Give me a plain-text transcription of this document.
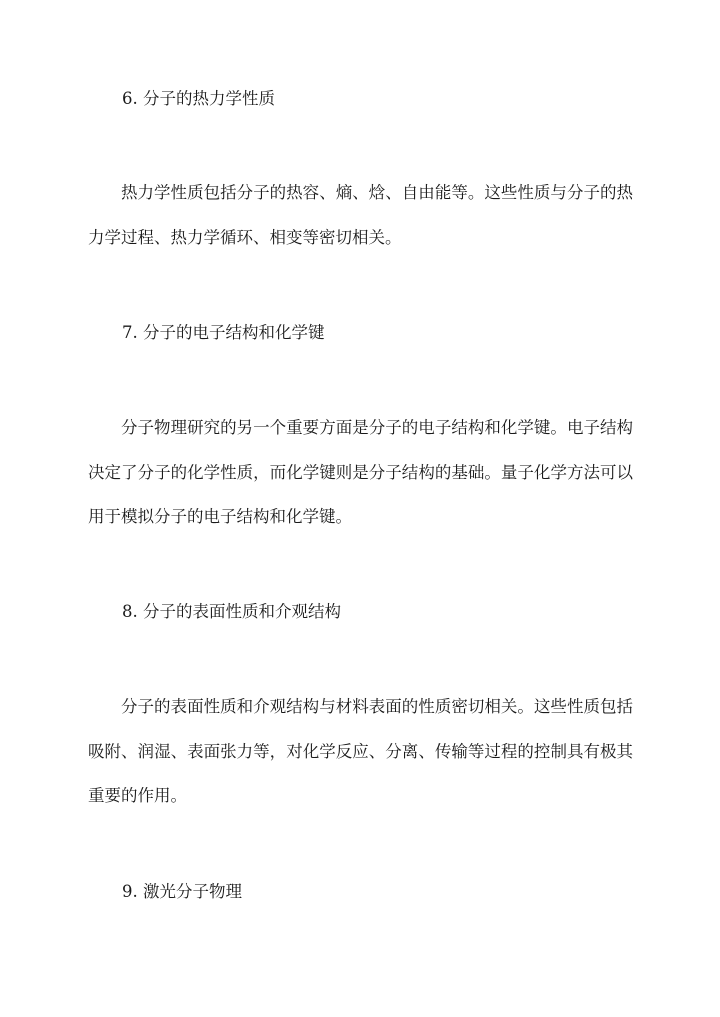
6. 分子的热力学性质
热力学性质包括分子的热容、熵、焓、自由能等。这些性质与分子的热力学过程、热力学循环、相变等密切相关。
7. 分子的电子结构和化学键
分子物理研究的另一个重要方面是分子的电子结构和化学键。电子结构决定了分子的化学性质，而化学键则是分子结构的基础。量子化学方法可以用于模拟分子的电子结构和化学键。
8. 分子的表面性质和介观结构
分子的表面性质和介观结构与材料表面的性质密切相关。这些性质包括吸附、润湿、表面张力等，对化学反应、分离、传输等过程的控制具有极其重要的作用。
9. 激光分子物理
